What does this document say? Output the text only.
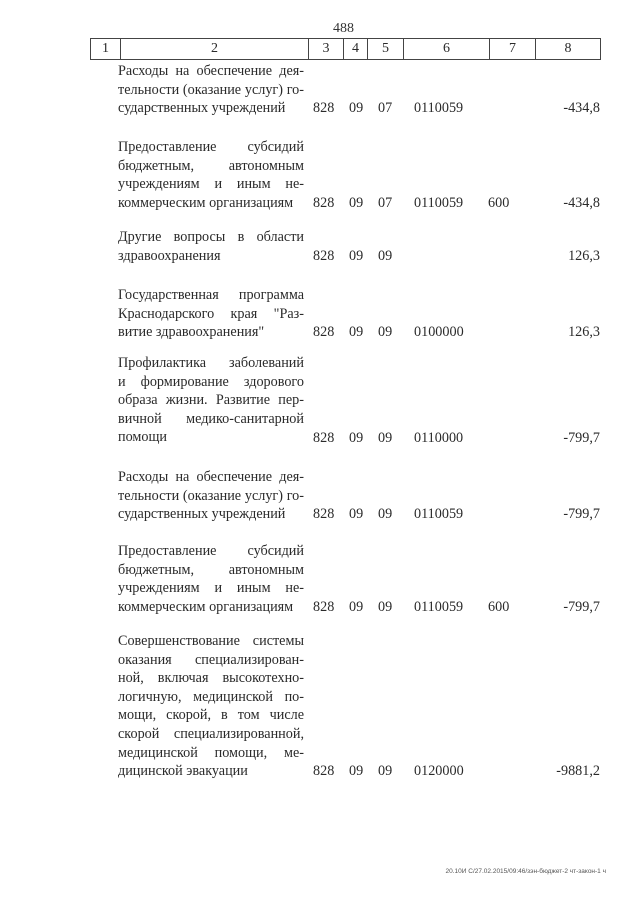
488
1	2	3	4	5	6	7	8
Расходы на обеспечение дея-
тельности (оказание услуг) го-
сударственных учреждений	828 09 07 0110059	-434,8
Предоставление субсидий
бюджетным, автономным
учреждениям и иным не-
коммерческим организациям	828 09 07 0110059 600	-434,8
Другие вопросы в области
здравоохранения	828 09 09	126,3
Государственная программа
Краснодарского края "Раз-
витие здравоохранения"	828 09 09 0100000	126,3
Профилактика заболеваний
и формирование здорового
образа жизни. Развитие пер-
вичной медико-санитарной
помощи	828 09 09 0110000	-799,7
Расходы на обеспечение дея-
тельности (оказание услуг) го-
сударственных учреждений	828 09 09 0110059	-799,7
Предоставление субсидий
бюджетным, автономным
учреждениям и иным не-
коммерческим организациям	828 09 09 0110059 600	-799,7
Совершенствование системы
оказания специализирован-
ной, включая высокотехно-
логичную, медицинской по-
мощи, скорой, в том числе
скорой специализированной,
медицинской помощи, ме-
дицинской эвакуации	828 09 09 0120000	-9881,2
20.10И С/27.02.2015/09:46/зэн-бюджет-2 чт-закон-1 ч
